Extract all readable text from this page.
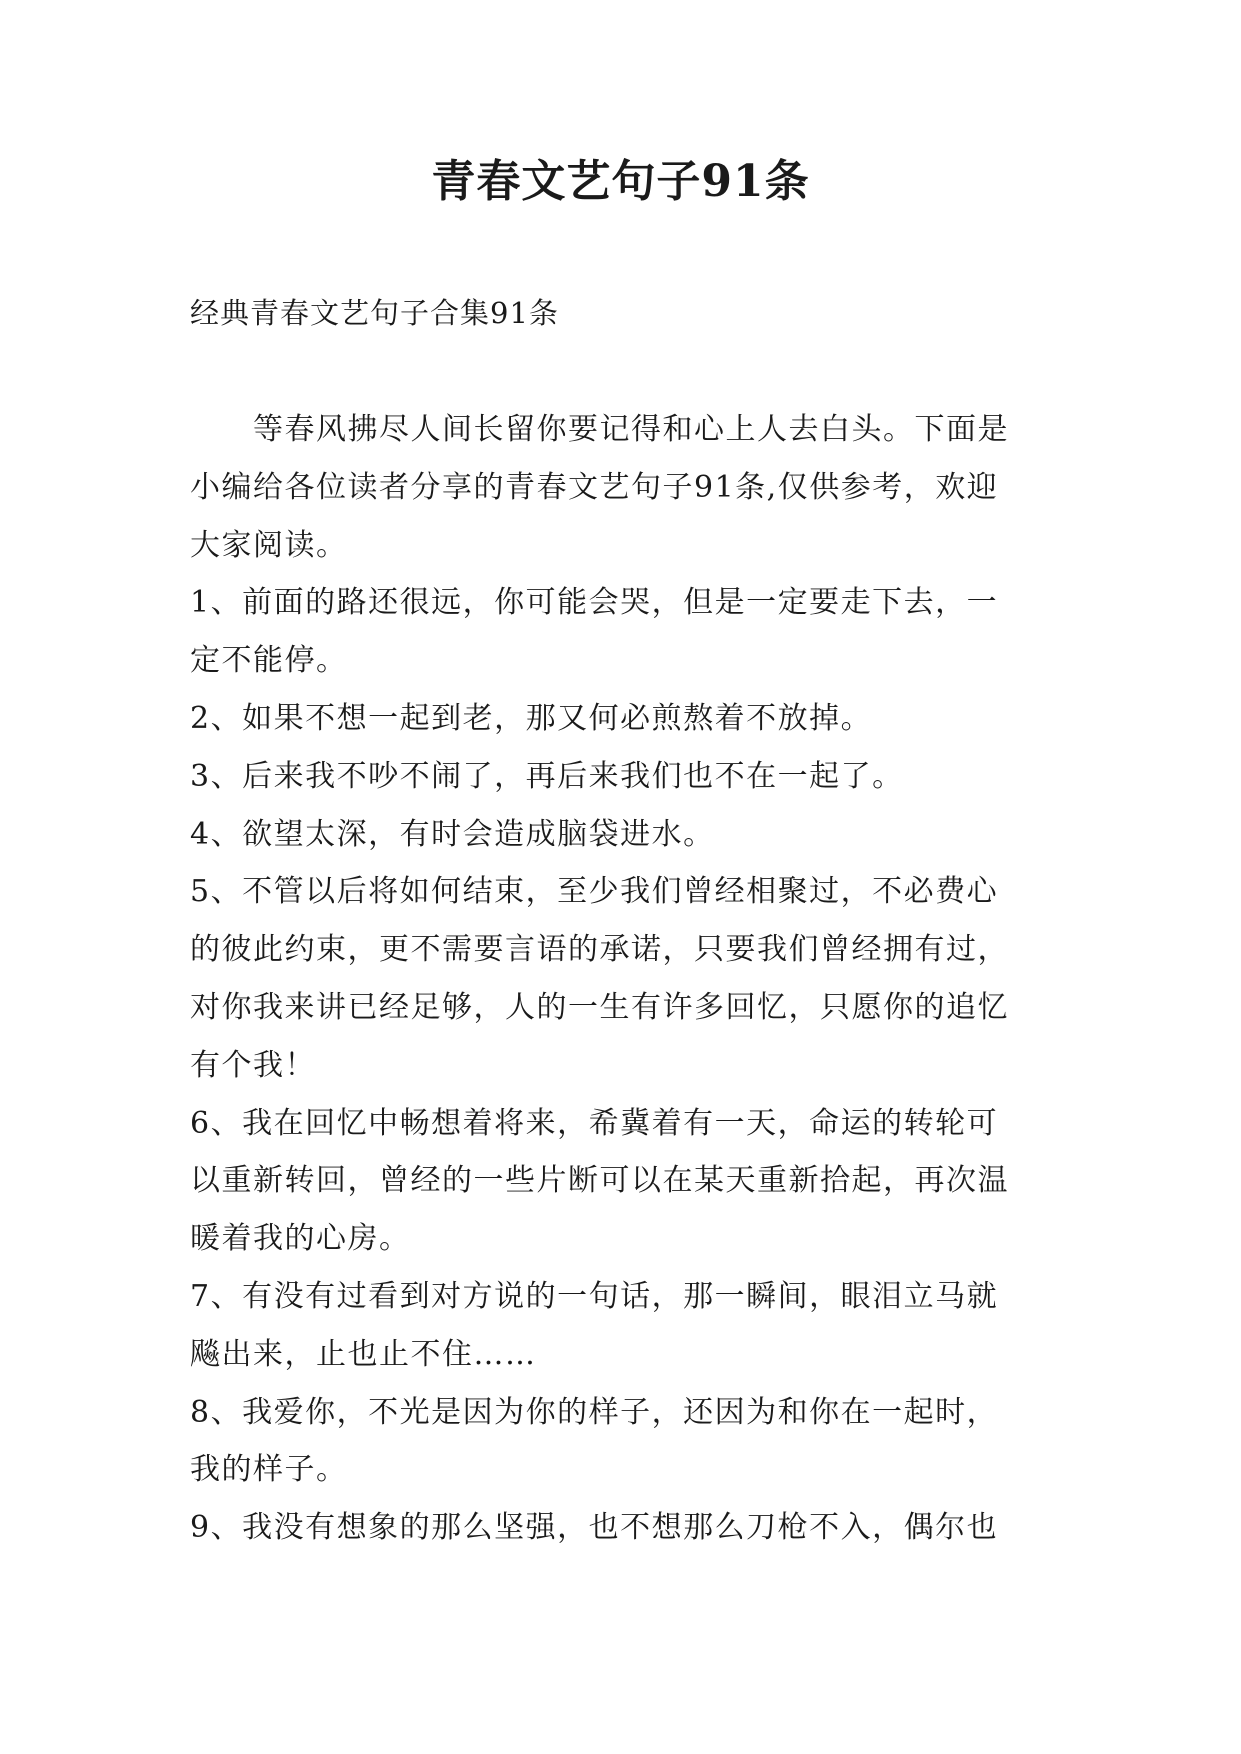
青春文艺句子91条
经典青春文艺句子合集91条
等春风拂尽人间长留你要记得和心上人去白头。下面是
小编给各位读者分享的青春文艺句子91条,仅供参考，欢迎
大家阅读。
1、前面的路还很远，你可能会哭，但是一定要走下去，一
定不能停。
2、如果不想一起到老，那又何必煎熬着不放掉。
3、后来我不吵不闹了，再后来我们也不在一起了。
4、欲望太深，有时会造成脑袋进水。
5、不管以后将如何结束，至少我们曾经相聚过，不必费心
的彼此约束，更不需要言语的承诺，只要我们曾经拥有过，
对你我来讲已经足够，人的一生有许多回忆，只愿你的追忆
有个我！
6、我在回忆中畅想着将来，希冀着有一天，命运的转轮可
以重新转回，曾经的一些片断可以在某天重新拾起，再次温
暖着我的心房。
7、有没有过看到对方说的一句话，那一瞬间，眼泪立马就
飚出来，止也止不住……
8、我爱你，不光是因为你的样子，还因为和你在一起时，
我的样子。
9、我没有想象的那么坚强，也不想那么刀枪不入，偶尔也
